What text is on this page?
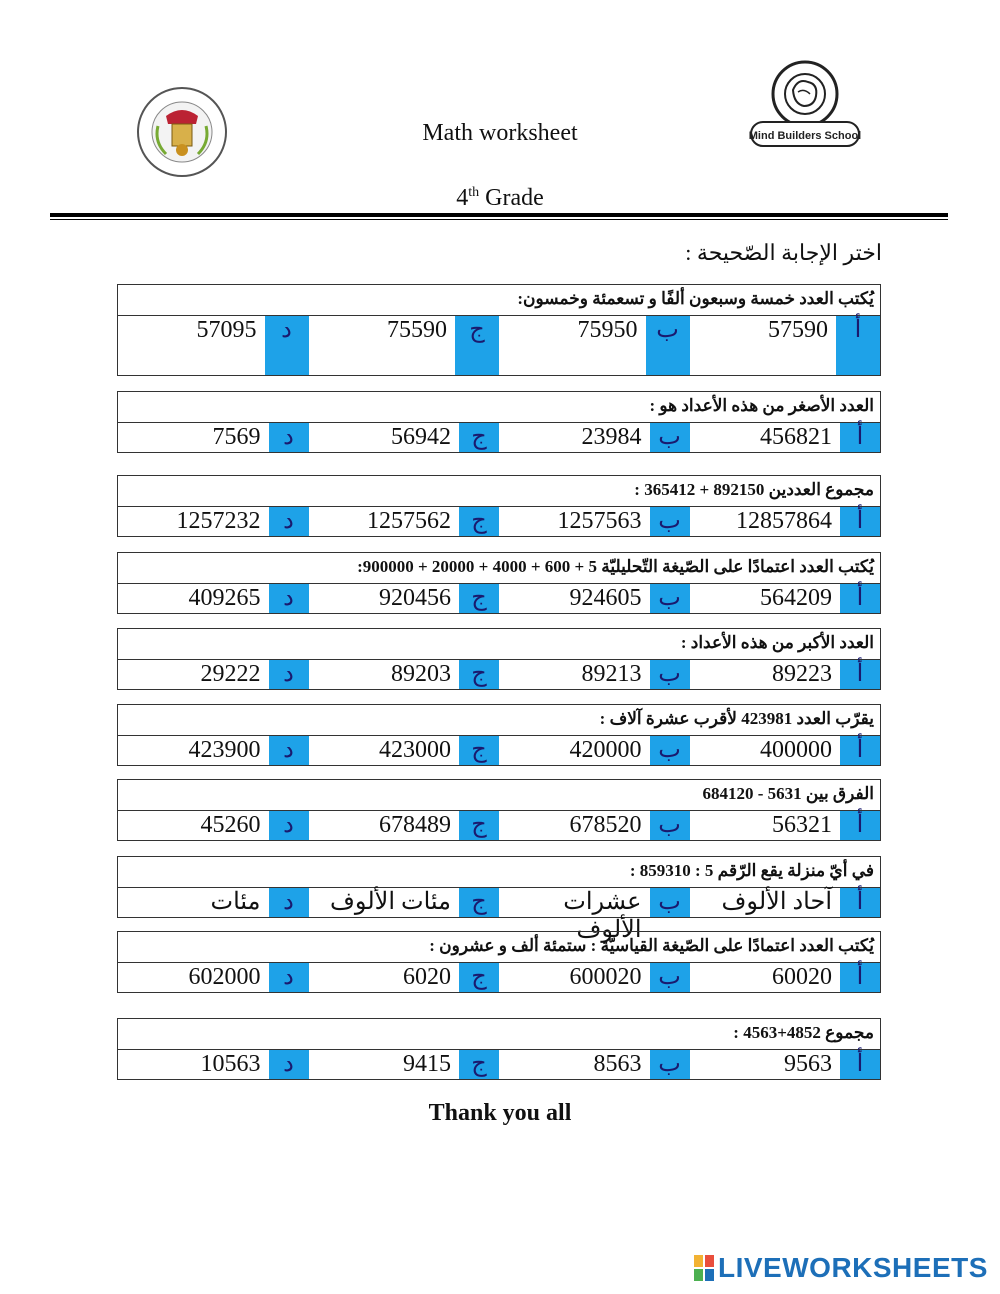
Mind Builders School
Math worksheet
4th Grade
اختر الإجابة الصّحيحة :
يُكتب العدد خمسة وسبعون ألفًا و تسعمئة وخمسون:
أ
57590
ب
75950
ج
75590
د
57095
العدد الأصغر من هذه الأعداد هو :
أ
456821
ب
23984
ج
56942
د
7569
مجموع العددين 892150 + 365412 :
أ
12857864
ب
1257563
ج
1257562
د
1257232
يُكتب العدد اعتمادًا على الصّيغة التّحليليّة 5 + 600 + 4000 + 20000 + 900000:
أ
564209
ب
924605
ج
920456
د
409265
العدد الأكبر من هذه الأعداد :
أ
89223
ب
89213
ج
89203
د
29222
يقرّب العدد 423981 لأقرب عشرة آلاف :
أ
400000
ب
420000
ج
423000
د
423900
الفرق بين 5631 - 684120
أ
56321
ب
678520
ج
678489
د
45260
في أيّ منزلة يقع الرّقم 5 : 859310 :
أ
آحاد الألوف
ب
عشرات الألوف
ج
مئات الألوف
د
مئات
يُكتب العدد اعتمادًا على الصّيغة القياسيّة : ستمئة ألف و عشرون :
أ
60020
ب
600020
ج
6020
د
602000
مجموع 4852+4563 :
أ
9563
ب
8563
ج
9415
د
10563
Thank you all
LIVEWORKSHEETS
